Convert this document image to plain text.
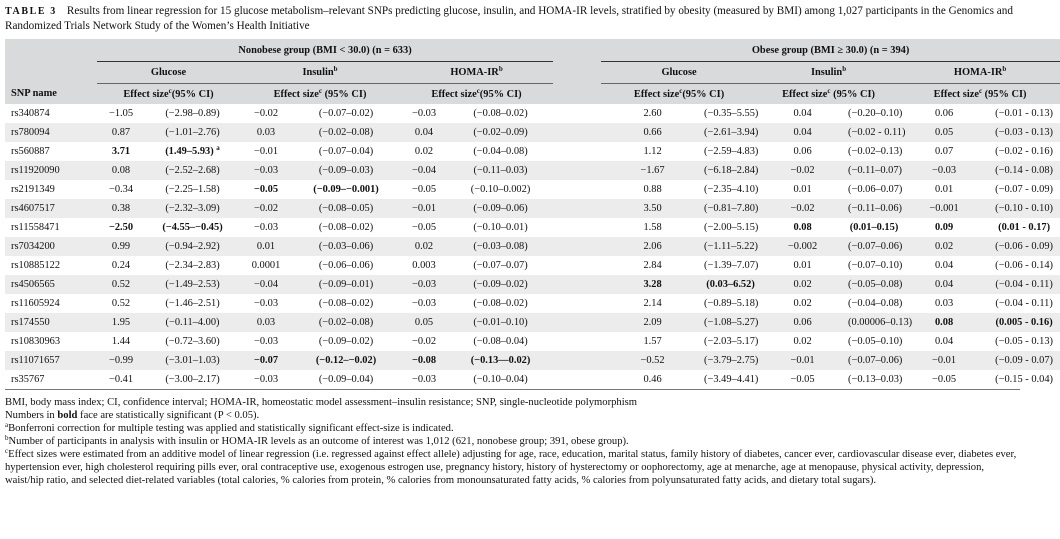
TABLE 3 Results from linear regression for 15 glucose metabolism–relevant SNPs predicting glucose, insulin, and HOMA-IR levels, stratified by obesity (measured by BMI) among 1,027 participants in the Genomics and Randomized Trials Network Study of the Women’s Health Initiative
	Nonobese group (BMI < 30.0) (n = 633)							Obese group (BMI ≥ 30.0) (n = 394)					
	Glucose		Insulin$^b$		HOMA-$IR^b$			Glucose		Insulin$^b$		HOMA-$IR^b$
SNP name	Effect size$^c$(95% CI)		Effect size$^c$ (95% CI)		Effect size$^c$(95% CI)			Effect size$^c$(95% CI)		Effect size$^c$ (95% CI)		Effect size$^c$ (95% CI)	
rs340874	−1.05	(−2.98–0.89)	−0.02	(−0.07–0.02)	−0.03	(−0.08–0.02)		2.60	(−0.35–5.55)	0.04	(−0.20–0.10)	0.06	(−0.01 - 0.13)
rs780094	0.87	(−1.01–2.76)	0.03	(−0.02–0.08)	0.04	(−0.02–0.09)		0.66	(−2.61–3.94)	0.04	(−0.02 - 0.11)	0.05	(−0.03 - 0.13)
rs560887	3.71	(1.49–5.93) $^a$	−0.01	(−0.07–0.04)	0.02	(−0.04–0.08)		1.12	(−2.59–4.83)	0.06	(−0.02–0.13)	0.07	(−0.02 - 0.16)
rs11920090	0.08	(−2.52–2.68)	−0.03	(−0.09–0.03)	−0.04	(−0.11–0.03)		−1.67	(−6.18–2.84)	−0.02	(−0.11–0.07)	−0.03	(−0.14 - 0.08)
rs2191349	−0.34	(−2.25–1.58)	−0.05	(−0.09–−0.001)	−0.05	(−0.10–0.002)		0.88	(−2.35–4.10)	0.01	(−0.06–0.07)	0.01	(−0.07 - 0.09)
rs4607517	0.38	(−2.32–3.09)	−0.02	(−0.08–0.05)	−0.01	(−0.09–0.06)		3.50	(−0.81–7.80)	−0.02	(−0.11–0.06)	−0.001	(−0.10 - 0.10)
rs11558471	−2.50	(−4.55–−0.45)	−0.03	(−0.08–0.02)	−0.05	(−0.10–0.01)		1.58	(−2.00–5.15)	0.08	(0.01–0.15)	0.09	(0.01 - 0.17)
rs7034200	0.99	(−0.94–2.92)	0.01	(−0.03–0.06)	0.02	(−0.03–0.08)		2.06	(−1.11–5.22)	−0.002	(−0.07–0.06)	0.02	(−0.06 - 0.09)
rs10885122	0.24	(−2.34–2.83)	0.0001	(−0.06–0.06)	0.003	(−0.07–0.07)		2.84	(−1.39–7.07)	0.01	(−0.07–0.10)	0.04	(−0.06 - 0.14)
rs4506565	0.52	(−1.49–2.53)	−0.04	(−0.09–0.01)	−0.03	(−0.09–0.02)		3.28	(0.03–6.52)	0.02	(−0.05–0.08)	0.04	(−0.04 - 0.11)
rs11605924	0.52	(−1.46–2.51)	−0.03	(−0.08–0.02)	−0.03	(−0.08–0.02)		2.14	(−0.89–5.18)	0.02	(−0.04–0.08)	0.03	(−0.04 - 0.11)
rs174550	1.95	(−0.11–4.00)	0.03	(−0.02–0.08)	0.05	(−0.01–0.10)		2.09	(−1.08–5.27)	0.06	(0.00006–0.13)	0.08	(0.005 - 0.16)
rs10830963	1.44	(−0.72–3.60)	−0.03	(−0.09–0.02)	−0.02	(−0.08–0.04)		1.57	(−2.03–5.17)	0.02	(−0.05–0.10)	0.04	(−0.05 - 0.13)
rs11071657	−0.99	(−3.01–1.03)	−0.07	(−0.12–−0.02)	−0.08	(−0.13—0.02)		−0.52	(−3.79–2.75)	−0.01	(−0.07–0.06)	−0.01	(−0.09 - 0.07)
rs35767	−0.41	(−3.00–2.17)	−0.03	(−0.09–0.04)	−0.03	(−0.10–0.04)		0.46	(−3.49–4.41)	−0.05	(−0.13–0.03)	−0.05	(−0.15 - 0.04)

BMI, body mass index; CI, confidence interval; HOMA-IR, homeostatic model assessment–insulin resistance; SNP, single-nucleotide polymorphism

Numbers in bold face are statistically significant (P < 0.05).

$^a$Bonferroni correction for multiple testing was applied and statistically significant effect-size is indicated.

$^b$Number of participants in analysis with insulin or HOMA-IR levels as an outcome of interest was 1,012 (621, nonobese group; 391, obese group).

$^c$Effect sizes were estimated from an additive model of linear regression (i.e. regressed against effect allele) adjusting for age, race, education, marital status, family history of diabetes, cancer ever, cardiovascular disease ever, diabetes ever, hypertension ever, high cholesterol requiring pills ever, oral contraceptive use, exogenous estrogen use, pregnancy history, history of hysterectomy or oophorectomy, age at menarche, age at menopause, physical activity, depression, waist/hip ratio, and selected diet-related variables (total calories, % calories from protein, % calories from monounsaturated fatty acids, % calories from polyunsaturated fatty acids, and dietary total sugars).
